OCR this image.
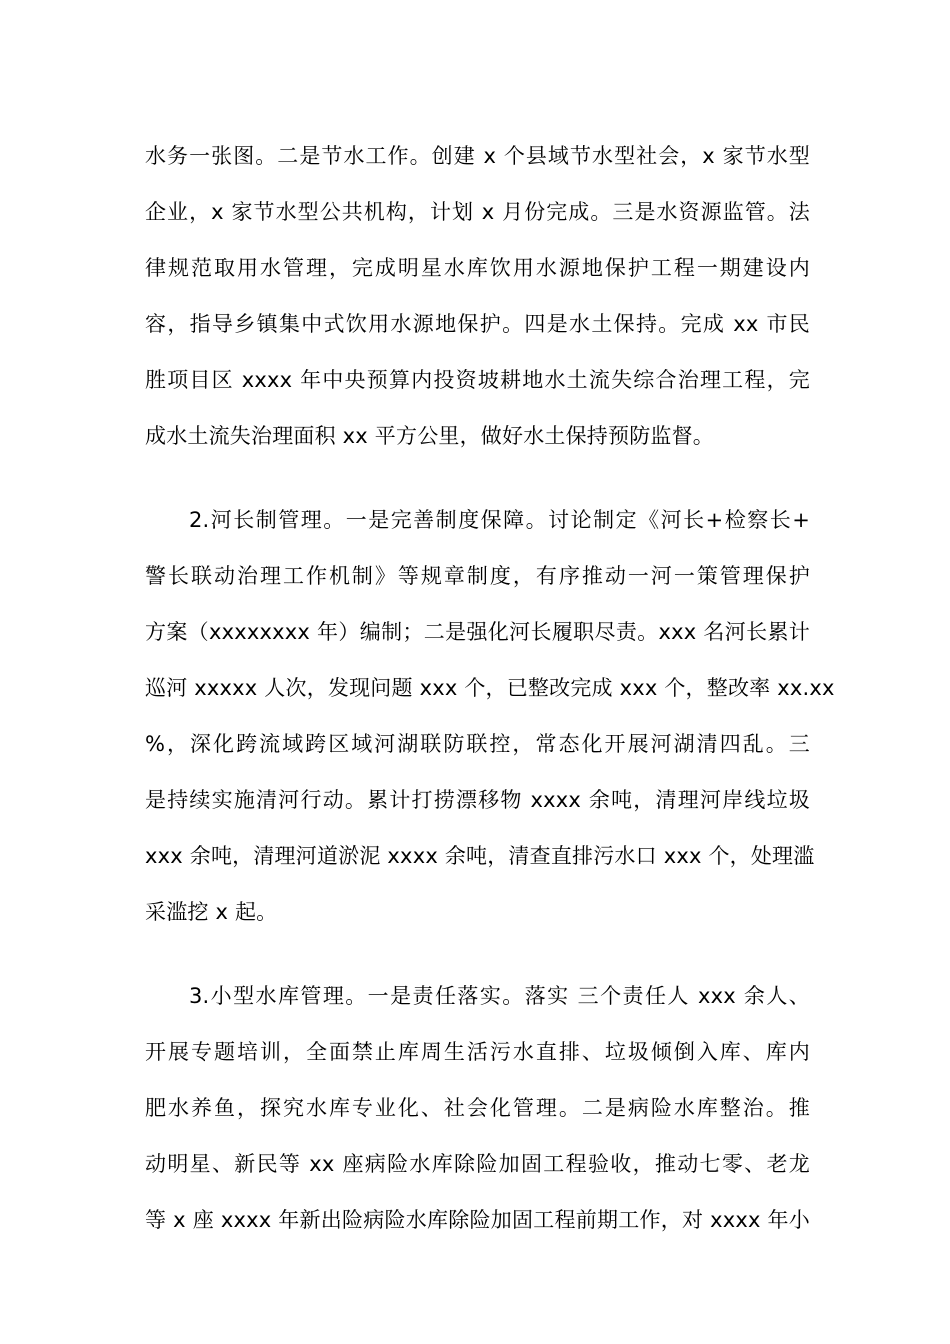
水务一张图。二是节水工作。创建 x 个县域节水型社会，x 家节水型
企业，x 家节水型公共机构，计划 x 月份完成。三是水资源监管。法
律规范取用水管理，完成明星水库饮用水源地保护工程一期建设内
容，指导乡镇集中式饮用水源地保护。四是水土保持。完成 xx 市民
胜项目区 xxxx 年中央预算内投资坡耕地水土流失综合治理工程，完
成水土流失治理面积 xx 平方公里，做好水土保持预防监督。
2.河长制管理。一是完善制度保障。讨论制定《河长+检察长+
警长联动治理工作机制》等规章制度，有序推动一河一策管理保护
方案（xxxxxxxx 年）编制；二是强化河长履职尽责。xxx 名河长累计
巡河 xxxxx 人次，发现问题 xxx 个，已整改完成 xxx 个，整改率 xx.xx
%，深化跨流域跨区域河湖联防联控，常态化开展河湖清四乱。三
是持续实施清河行动。累计打捞漂移物 xxxx 余吨，清理河岸线垃圾
xxx 余吨，清理河道淤泥 xxxx 余吨，清查直排污水口 xxx 个，处理滥
采滥挖 x 起。
3.小型水库管理。一是责任落实。落实 三个责任人 xxx 余人、
开展专题培训，全面禁止库周生活污水直排、垃圾倾倒入库、库内
肥水养鱼，探究水库专业化、社会化管理。二是病险水库整治。推
动明星、新民等 xx 座病险水库除险加固工程验收，推动七零、老龙
等 x 座 xxxx 年新出险病险水库除险加固工程前期工作，对 xxxx 年小
